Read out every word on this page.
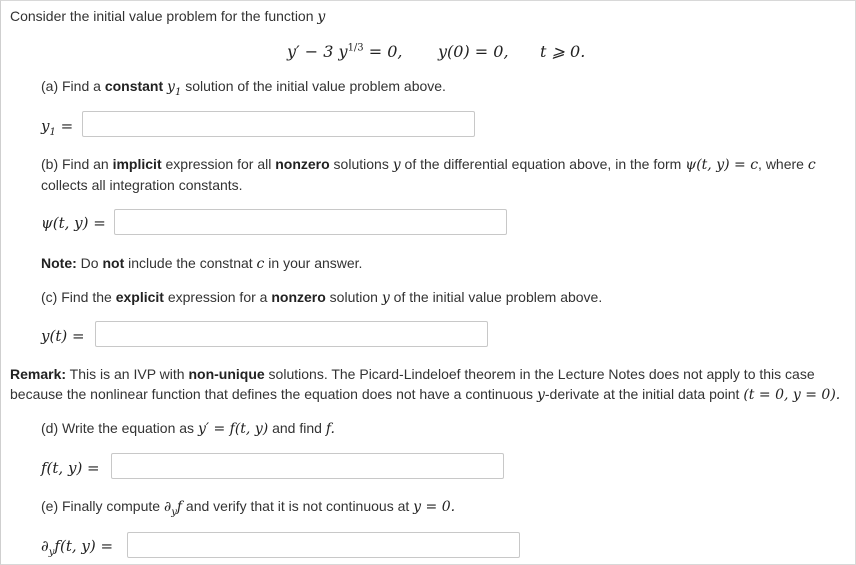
Consider the initial value problem for the function y
y′ − 3 $y^{1/3} = 0$, y(0) = 0, t ⩾ 0.
(a) Find a constant $y_1$ solution of the initial value problem above.
$y_1$ =
(b) Find an implicit expression for all nonzero solutions y of the differential equation above, in the form ψ(t, y) = c, where c
collects all integration constants.
ψ(t, y) =
Note: Do not include the constnat c in your answer.
(c) Find the explicit expression for a nonzero solution y of the initial value problem above.
y(t) =
Remark: This is an IVP with non-unique solutions. The Picard-Lindeloef theorem in the Lecture Notes does not apply to this case
because the nonlinear function that defines the equation does not have a continuous y-derivate at the initial data point (t = 0, y = 0).
(d) Write the equation as y′ = f(t, y) and find f.
f(t, y) =
(e) Finally compute $\partial_yf$ and verify that it is not continuous at y = 0.
$\partial_yf(t$, y) =
